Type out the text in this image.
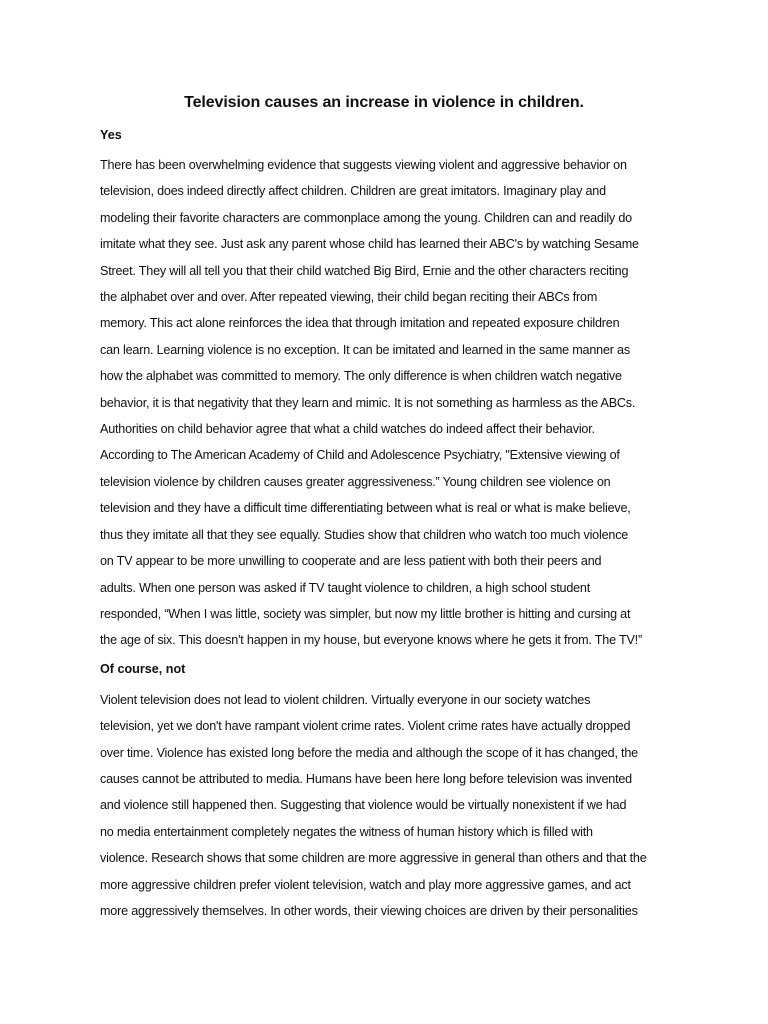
Television causes an increase in violence in children.

Yes

There has been overwhelming evidence that suggests viewing violent and aggressive behavior on
television, does indeed directly affect children. Children are great imitators. Imaginary play and
modeling their favorite characters are commonplace among the young. Children can and readily do
imitate what they see. Just ask any parent whose child has learned their ABC's by watching Sesame
Street. They will all tell you that their child watched Big Bird, Ernie and the other characters reciting
the alphabet over and over. After repeated viewing, their child began reciting their ABCs from
memory. This act alone reinforces the idea that through imitation and repeated exposure children
can learn. Learning violence is no exception. It can be imitated and learned in the same manner as
how the alphabet was committed to memory. The only difference is when children watch negative
behavior, it is that negativity that they learn and mimic. It is not something as harmless as the ABCs.
Authorities on child behavior agree that what a child watches do indeed affect their behavior.
According to The American Academy of Child and Adolescence Psychiatry, "Extensive viewing of
television violence by children causes greater aggressiveness.” Young children see violence on
television and they have a difficult time differentiating between what is real or what is make believe,
thus they imitate all that they see equally. Studies show that children who watch too much violence
on TV appear to be more unwilling to cooperate and are less patient with both their peers and
adults. When one person was asked if TV taught violence to children, a high school student
responded, “When I was little, society was simpler, but now my little brother is hitting and cursing at
the age of six. This doesn't happen in my house, but everyone knows where he gets it from. The TV!”

Of course, not

Violent television does not lead to violent children. Virtually everyone in our society watches
television, yet we don't have rampant violent crime rates. Violent crime rates have actually dropped
over time. Violence has existed long before the media and although the scope of it has changed, the
causes cannot be attributed to media. Humans have been here long before television was invented
and violence still happened then. Suggesting that violence would be virtually nonexistent if we had
no media entertainment completely negates the witness of human history which is filled with
violence. Research shows that some children are more aggressive in general than others and that the
more aggressive children prefer violent television, watch and play more aggressive games, and act
more aggressively themselves. In other words, their viewing choices are driven by their personalities
